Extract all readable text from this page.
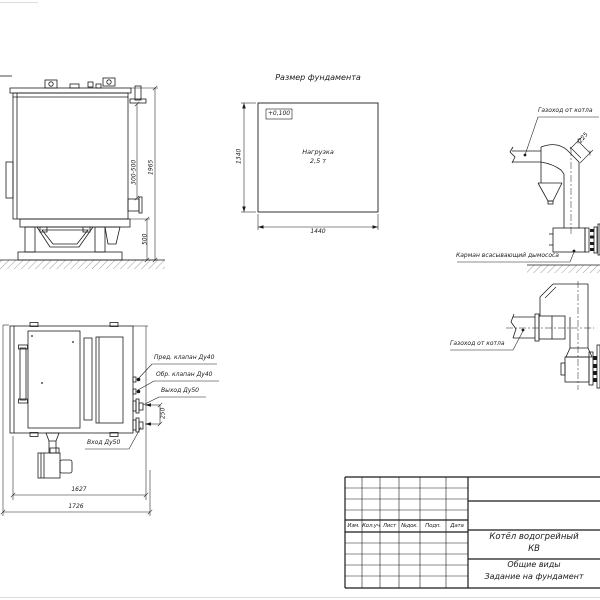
300-500 1965
500
Размер фундамента
+0,100
Нагрузка
2,5 т
1340
1440
Газоход от котла
Карман всасывающий дымососа
225
Газоход от котла
Пред. клапан Ду40
Обр. клапан Ду40
Выход Ду50
Вход Ду50
250
1627
1726
Изм. Кол.уч Лист №док.	Подп.	Дата
Котёл водогрейный
КВ
Общие виды
Задание на фундамент
